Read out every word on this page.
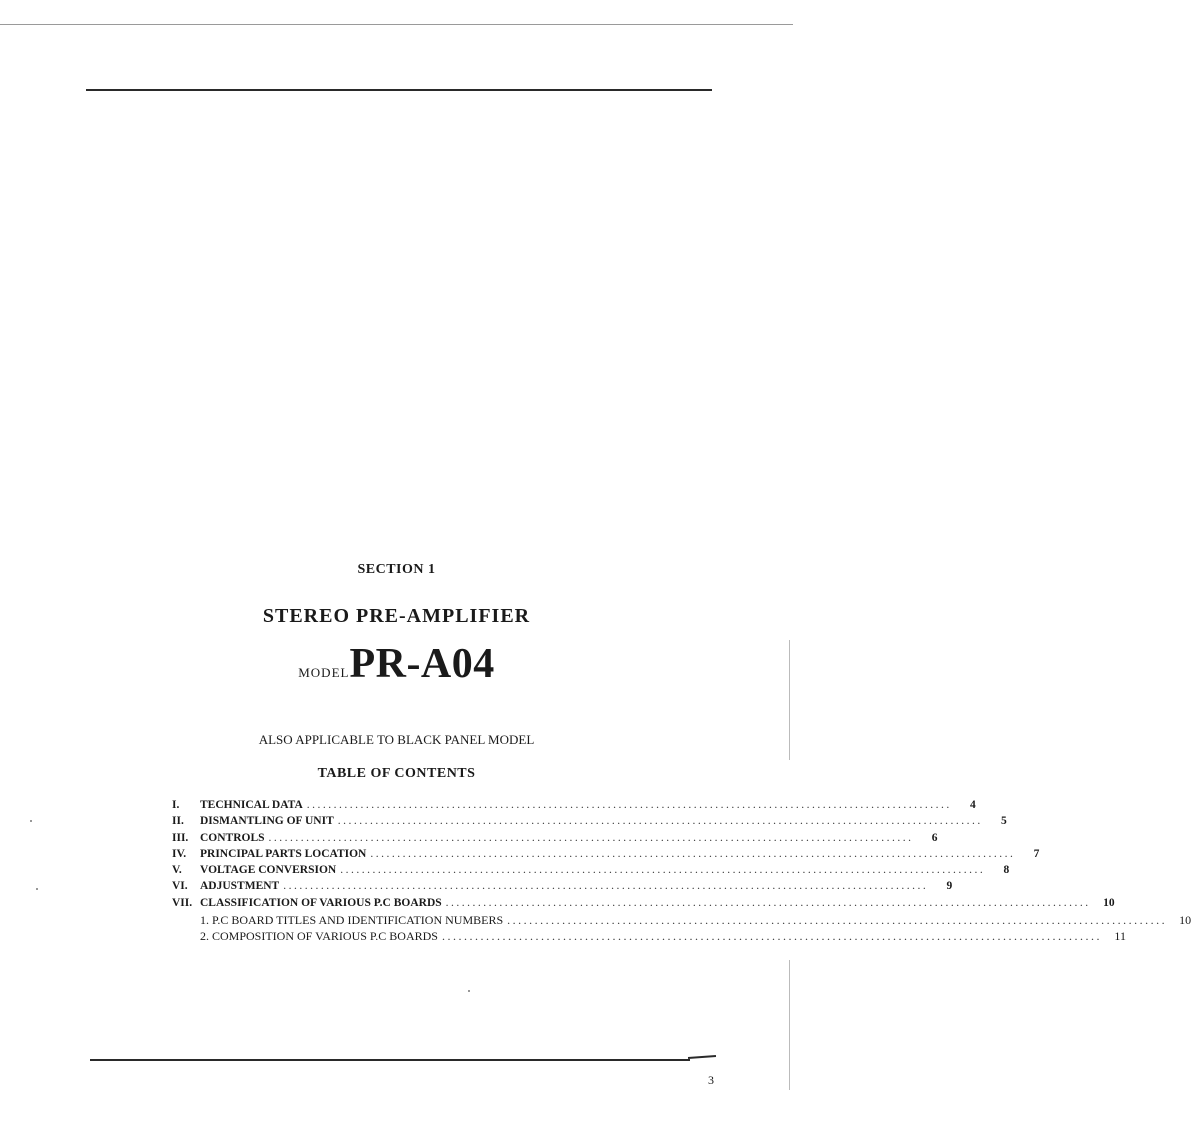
SECTION 1
STEREO PRE-AMPLIFIER
MODELPR-A04
ALSO APPLICABLE TO BLACK PANEL MODEL
TABLE OF CONTENTS
I.	TECHNICAL DATA ........................................................................................................................	4
II.	DISMANTLING OF UNIT ........................................................................................................................	5
III.	CONTROLS ........................................................................................................................	6
IV.	PRINCIPAL PARTS LOCATION ........................................................................................................................	7
V.	VOLTAGE CONVERSION ........................................................................................................................	8
VI.	ADJUSTMENT ........................................................................................................................	9
VII. CLASSIFICATION OF VARIOUS P.C BOARDS ........................................................................................................................	10
1. P.C BOARD TITLES AND IDENTIFICATION NUMBERS ........................................................................................................................	10
2. COMPOSITION OF VARIOUS P.C BOARDS ........................................................................................................................	11
3
